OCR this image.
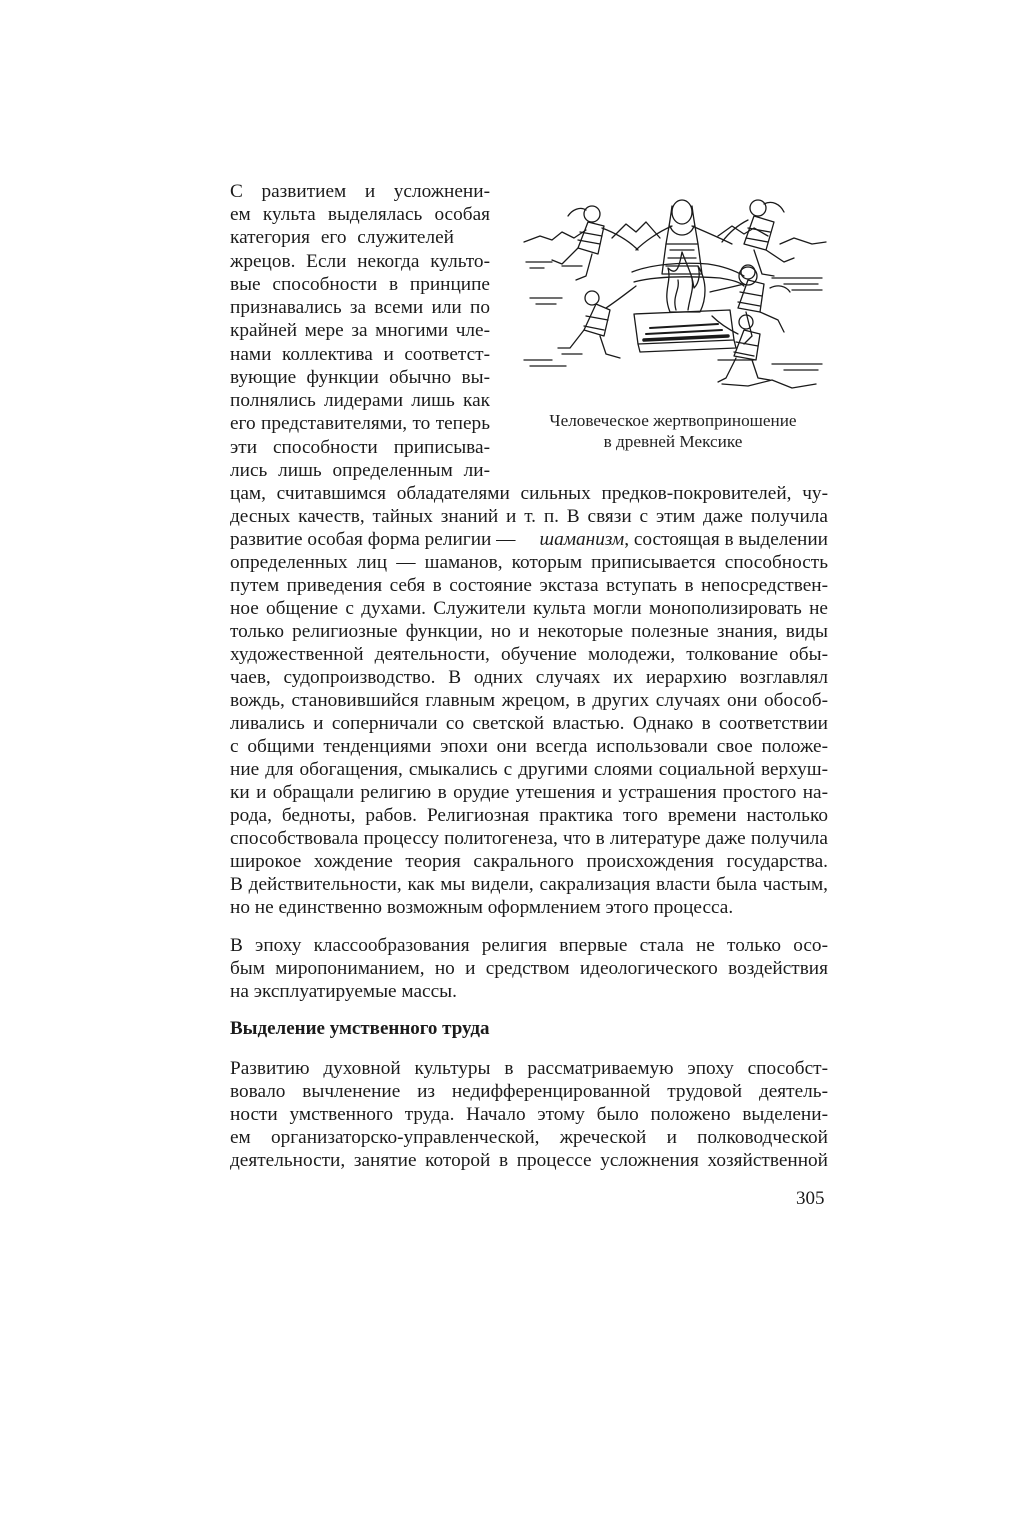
С развитием и усложнени-
ем культа выделялась особая
категория его служителей
жрецов. Если некогда культо-
вые способности в принципе
признавались за всеми или по
крайней мере за многими чле-
нами коллектива и соответст-
вующие функции обычно вы-
полнялись лидерами лишь как
его представителями, то теперь
эти способности приписыва-
лись лишь определенным ли-
Человеческое жертвоприношение
в древней Мексике
цам, считавшимся обладателями сильных предков-покровителей, чу-
десных качеств, тайных знаний и т. п. В связи с этим даже получила
развитие особая форма религии — шаманизм, состоящая в выделении
определенных лиц — шаманов, которым приписывается способность
путем приведения себя в состояние экстаза вступать в непосредствен-
ное общение с духами. Служители культа могли монополизировать не
только религиозные функции, но и некоторые полезные знания, виды
художественной деятельности, обучение молодежи, толкование обы-
чаев, судопроизводство. В одних случаях их иерархию возглавлял
вождь, становившийся главным жрецом, в других случаях они обособ-
ливались и соперничали со светской властью. Однако в соответствии
с общими тенденциями эпохи они всегда использовали свое положе-
ние для обогащения, смыкались с другими слоями социальной верхуш-
ки и обращали религию в орудие утешения и устрашения простого на-
рода, бедноты, рабов. Религиозная практика того времени настолько
способствовала процессу политогенеза, что в литературе даже получила
широкое хождение теория сакрального происхождения государства.
В действительности, как мы видели, сакрализация власти была частым,
но не единственно возможным оформлением этого процесса.
В эпоху классообразования религия впервые стала не только осо-
бым миропониманием, но и средством идеологического воздействия
на эксплуатируемые массы.
Выделение умственного труда
Развитию духовной культуры в рассматриваемую эпоху способст-
вовало вычленение из недифференцированной трудовой деятель-
ности умственного труда. Начало этому было положено выделени-
ем организаторско-управленческой, жреческой и полководческой
деятельности, занятие которой в процессе усложнения хозяйственной
305
